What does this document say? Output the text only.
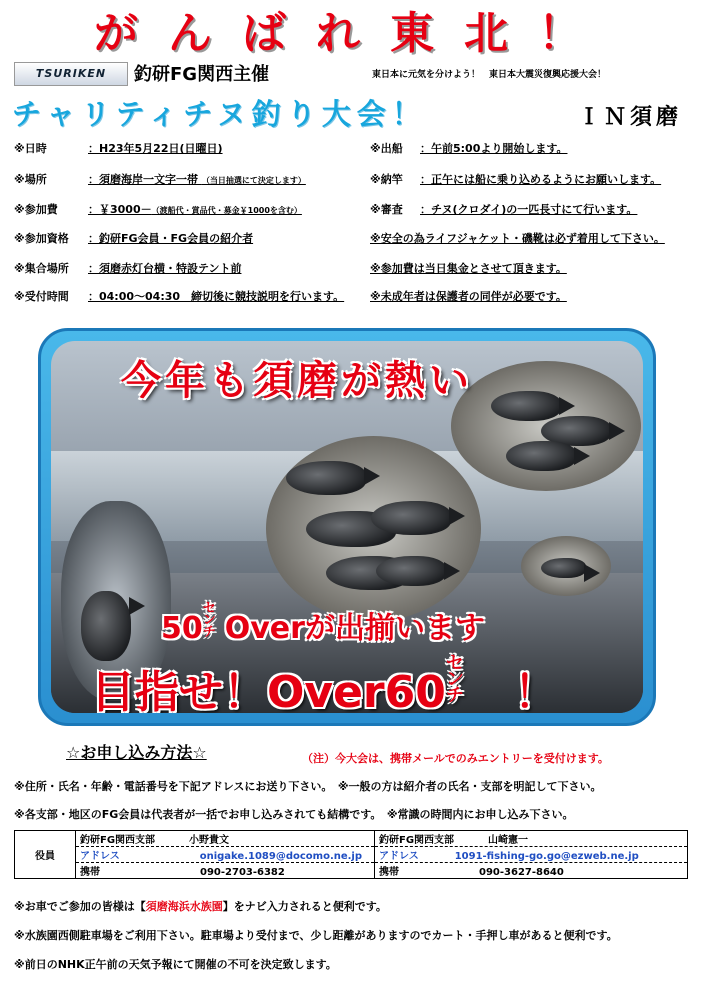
がんばれ東北！
TSURIKEN	釣研FG関西主催	東日本に元気を分けよう！　東日本大震災復興応援大会！
チャリティチヌ釣り大会！	ＩＮ須磨
※日時	：H23年5月22日(日曜日)
※場所	：須磨海岸一文字一帯 （当日抽選にて決定します）
※参加費	：￥3000－（渡船代・賞品代・募金￥1000を含む）
※参加資格 ：釣研FG会員・FG会員の紹介者
※集合場所 ：須磨赤灯台横・特設テント前
※受付時間 ：04:00～04:30　締切後に競技説明を行います。
※出船 ：午前5:00より開始します。
※納竿 ：正午には船に乗り込めるようにお願いします。
※審査 ：チヌ(クロダイ)の一匹長寸にて行います。
※安全の為ライフジャケット・磯靴は必ず着用して下さい。
※参加費は当日集金とさせて頂きます。
※未成年者は保護者の同伴が必要です。
今年も須磨が熱い
50センチ Overが出揃います
目指せ！Over60センチ ！
☆お申し込み方法☆	（注）今大会は、携帯メールでのみエントリーを受付けます。
※住所・氏名・年齢・電話番号を下記アドレスにお送り下さい。　※一般の方は紹介者の氏名・支部を明記して下さい。
※各支部・地区のFG会員は代表者が一括でお申し込みされても結構です。　※常識の時間内にお申し込み下さい。
役員	釣研FG関西支部 小野貴文	釣研FG関西支部 山崎憲一
	アドレス onigake.1089@docomo.ne.jp	アドレス 1091-fishing-go.go@ezweb.ne.jp
	携帯 090-2703-6382	携帯 090-3627-8640
※お車でご参加の皆様は【須磨海浜水族園】をナビ入力されると便利です。
※水族園西側駐車場をご利用下さい。駐車場より受付まで、少し距離がありますのでカート・手押し車があると便利です。
※前日のNHK正午前の天気予報にて開催の不可を決定致します。
